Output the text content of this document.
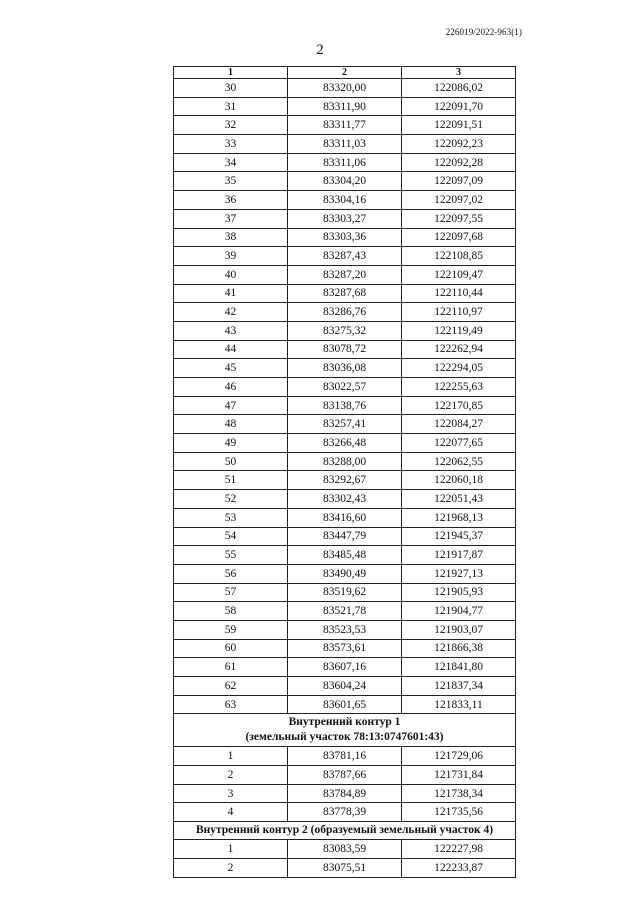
226019/2022-963(1)
2
1	2	3
30	83320,00	122086,02
31	83311,90	122091,70
32	83311,77	122091,51
33	83311,03	122092,23
34	83311,06	122092,28
35	83304,20	122097,09
36	83304,16	122097,02
37	83303,27	122097,55
38	83303,36	122097,68
39	83287,43	122108,85
40	83287,20	122109,47
41	83287,68	122110,44
42	83286,76	122110,97
43	83275,32	122119,49
44	83078,72	122262,94
45	83036,08	122294,05
46	83022,57	122255,63
47	83138,76	122170,85
48	83257,41	122084,27
49	83266,48	122077,65
50	83288,00	122062,55
51	83292,67	122060,18
52	83302,43	122051,43
53	83416,60	121968,13
54	83447,79	121945,37
55	83485,48	121917,87
56	83490,49	121927,13
57	83519,62	121905,93
58	83521,78	121904,77
59	83523,53	121903,07
60	83573,61	121866,38
61	83607,16	121841,80
62	83604,24	121837,34
63	83601,65	121833,11

Внутренний контур 1
(земельный участок 78:13:0747601:43)		

1	83781,16	121729,06
2	83787,66	121731,84
3	83784,89	121738,34
4	83778,39	121735,56
Внутренний контур 2 (образуемый земельный участок 4)		
1	83083,59	122227,98
2	83075,51	122233,87
